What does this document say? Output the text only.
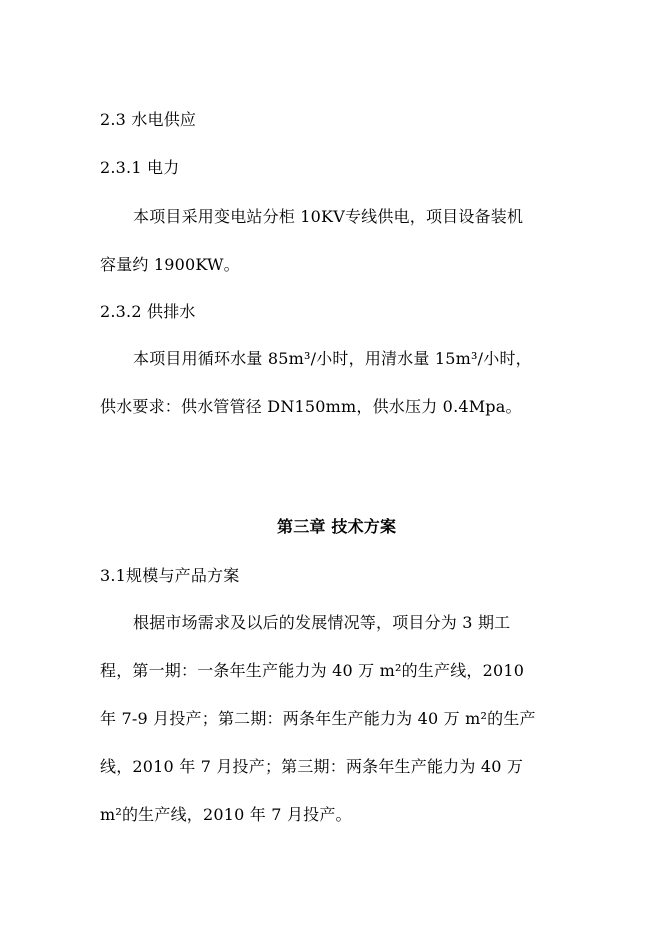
2.3 水电供应
2.3.1 电力
本项目采用变电站分柜 10KV专线供电，项目设备装机
容量约 1900KW。
2.3.2 供排水
本项目用循环水量 85m³/小时，用清水量 15m³/小时，
供水要求：供水管管径 DN150mm，供水压力 0.4Mpa。
第三章 技术方案
3.1规模与产品方案
根据市场需求及以后的发展情况等，项目分为 3 期工
程，第一期：一条年生产能力为 40 万 m²的生产线，2010
年 7-9 月投产；第二期：两条年生产能力为 40 万 m²的生产
线，2010 年 7 月投产；第三期：两条年生产能力为 40 万
m²的生产线，2010 年 7 月投产。
